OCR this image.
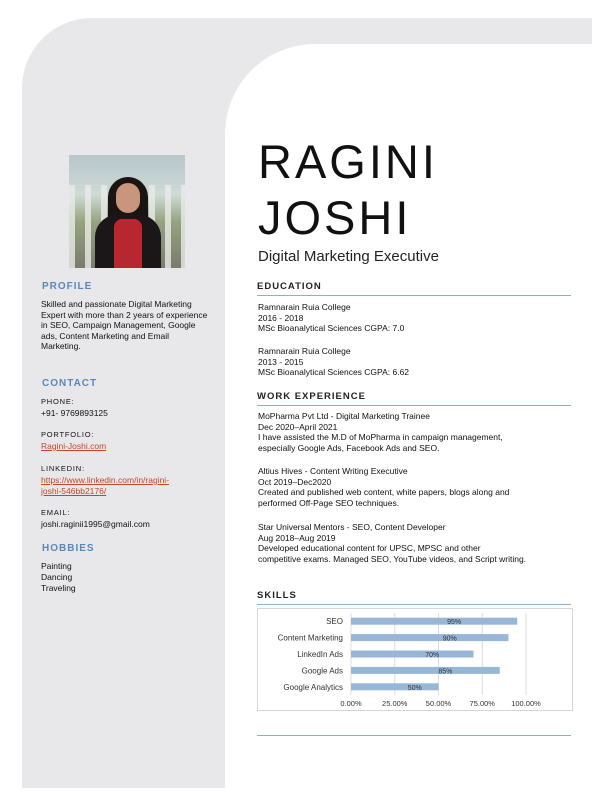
PROFILE
Skilled and passionate Digital Marketing Expert with more than 2 years of experience in SEO, Campaign Management, Google ads, Content Marketing and Email Marketing.
CONTACT
PHONE:
+91- 9769893125
PORTFOLIO:
Ragini-Joshi.com
LINKEDIN:
https://www.linkedin.com/in/ragini-
joshi-546bb2176/
EMAIL:
joshi.raginii1995@gmail.com
HOBBIES
Painting
Dancing
Traveling
RAGINI
JOSHI
Digital Marketing Executive
EDUCATION
Ramnarain Ruia College
2016 - 2018
MSc Bioanalytical Sciences CGPA: 7.0
Ramnarain Ruia College
2013 - 2015
MSc Bioanalytical Sciences CGPA: 6.62
WORK EXPERIENCE
MoPharma Pvt Ltd - Digital Marketing Trainee
Dec 2020–April 2021
I have assisted the M.D of MoPharma in campaign management,
especially Google Ads, Facebook Ads and SEO.
Altius Hives - Content Writing Executive
Oct 2019–Dec2020
Created and published web content, white papers, blogs along and
performed Off-Page SEO techniques.
Star Universal Mentors - SEO, Content Developer
Aug 2018–Aug 2019
Developed educational content for UPSC, MPSC and other
competitive exams. Managed SEO, YouTube videos, and Script writing.
SKILLS
0.00%	25.00% 50.00% 75.00% 100.00%
SEO	95%
Content Marketing	90%
LinkedIn Ads	70%
Google Ads	85%
Google Analytics	50%
